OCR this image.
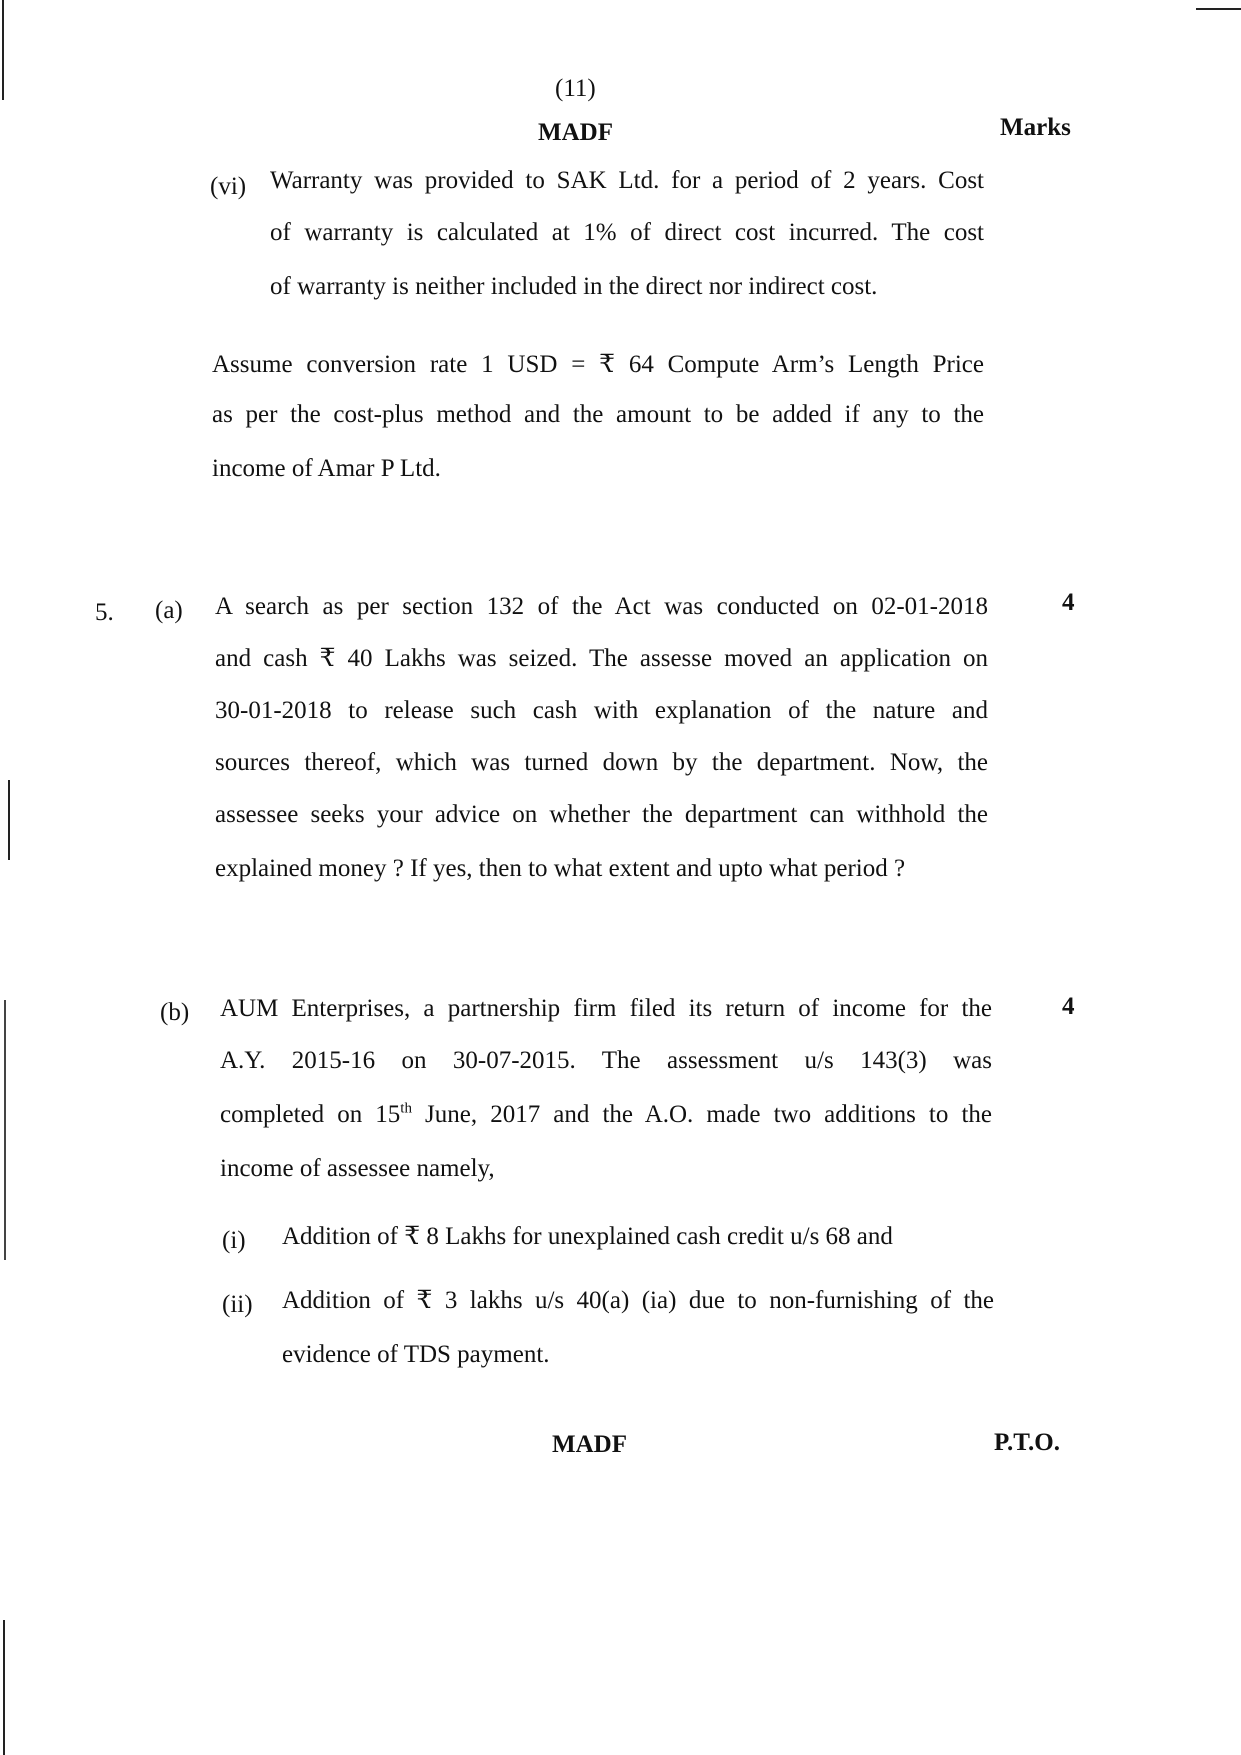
(11)
MADF	Marks
(vi) Warranty was provided to SAK Ltd. for a period of 2 years. Cost
of warranty is calculated at 1% of direct cost incurred. The cost
of warranty is neither included in the direct nor indirect cost.
Assume conversion rate 1 USD = ₹ 64 Compute Arm’s Length Price
as per the cost-plus method and the amount to be added if any to the
income of Amar P Ltd.
5. (a)	4
A search as per section 132 of the Act was conducted on 02-01-2018
and cash ₹ 40 Lakhs was seized. The assesse moved an application on
30-01-2018 to release such cash with explanation of the nature and
sources thereof, which was turned down by the department. Now, the
assessee seeks your advice on whether the department can withhold the
explained money ? If yes, then to what extent and upto what period ?
(b)	4
AUM Enterprises, a partnership firm filed its return of income for the
A.Y. 2015-16 on 30-07-2015. The assessment u/s 143(3) was
completed on 15th June, 2017 and the A.O. made two additions to the
income of assessee namely,
(i) Addition of ₹ 8 Lakhs for unexplained cash credit u/s 68 and
(ii) Addition of ₹ 3 lakhs u/s 40(a) (ia) due to non-furnishing of the
evidence of TDS payment.
MADF	P.T.O.
